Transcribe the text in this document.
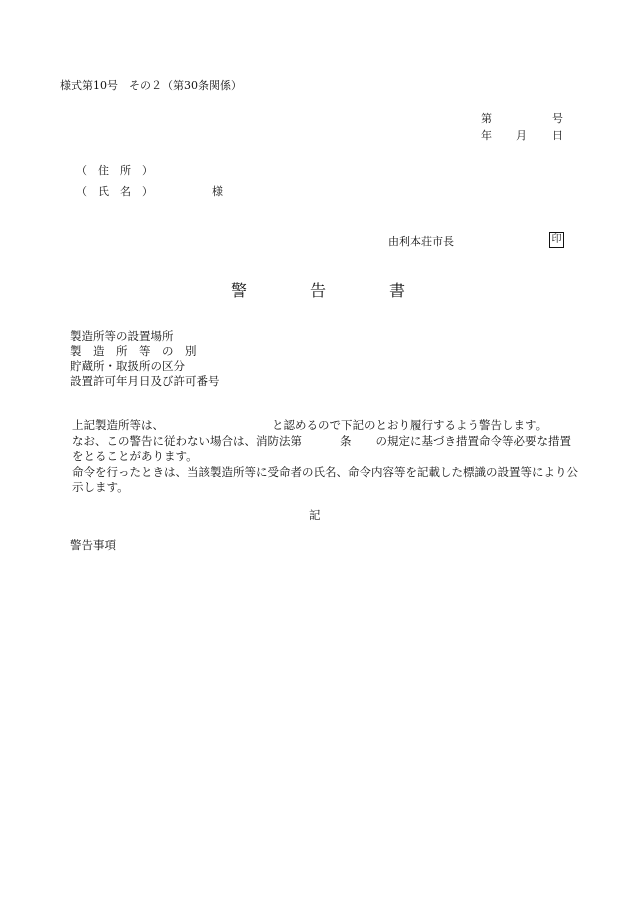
様式第10号　その２（第30条関係）
第	号
年 月 日
（　住　所　）
（　氏　名　）	様
由利本荘市長	印
警	告	書
製造所等の設置場所
製　造　所　等　の　別
貯蔵所・取扱所の区分
設置許可年月日及び許可番号

上記製造所等は、	と認めるので下記のとおり履行するよう警告します。

なお、この警告に従わない場合は、消防法第	条 の規定に基づき措置命令等必要な措置をとることがあります。

命令を行ったときは、当該製造所等に受命者の氏名、命令内容等を記載した標識の設置等により公示します。

記
警告事項
